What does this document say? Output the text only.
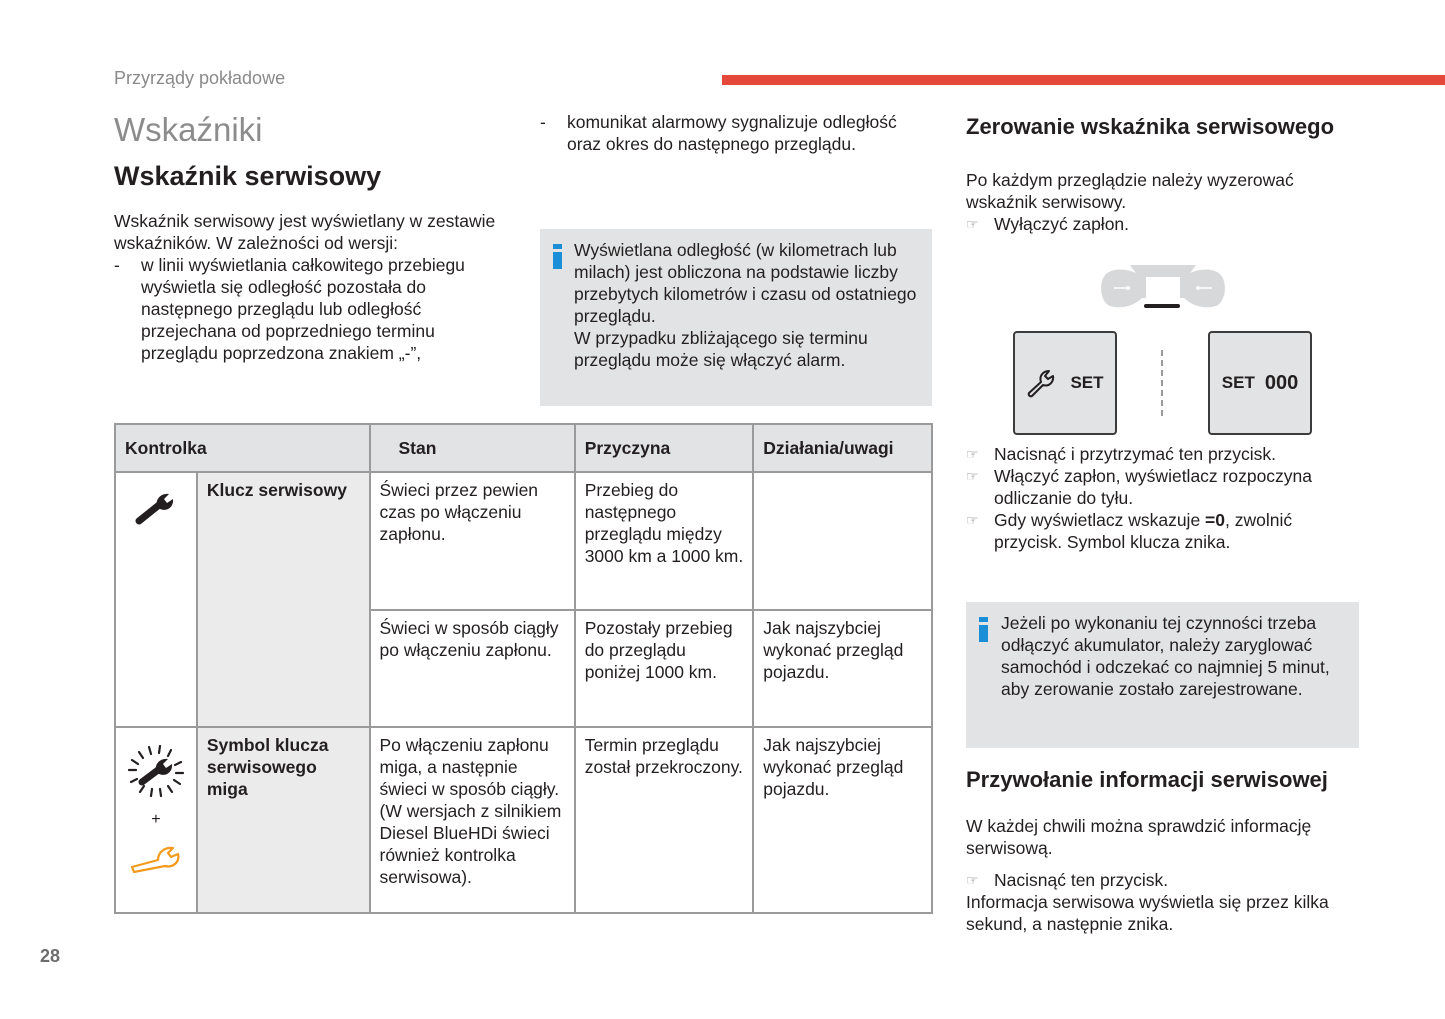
Przyrządy pokładowe
Wskaźniki
Wskaźnik serwisowy

Wskaźnik serwisowy jest wyświetlany w zestawie wskaźników. W zależności od wersji:

-	w linii wyświetlania całkowitego przebiegu wyświetla się odległość pozostała do następnego przeglądu lub odległość przejechana od poprzedniego terminu przeglądu poprzedzona znakiem „-”,
-	komunikat alarmowy sygnalizuje odległość oraz okres do następnego przeglądu.

Wyświetlana odległość (w kilometrach lub milach) jest obliczona na podstawie liczby przebytych kilometrów i czasu od ostatniego przeglądu.

W przypadku zbliżającego się terminu przeglądu może się włączyć alarm.

Kontrolka		Stan	Przyczyna	Działania/uwagi
	Klucz serwisowy	Świeci przez pewien czas po włączeniu zapłonu.	Przebieg do następnego przeglądu między 3000 km a 1000 km.	
		Świeci w sposób ciągły po włączeniu zapłonu.	Pozostały przebieg do przeglądu poniżej 1000 km.	Jak najszybciej wykonać przegląd pojazdu.

+	Symbol klucza serwisowego miga	Po włączeniu zapłonu miga, a następnie świeci w sposób ciągły. (W wersjach z silnikiem Diesel BlueHDi świeci również kontrolka serwisowa).	Termin przeglądu został przekroczony.	Jak najszybciej wykonać przegląd pojazdu.
Zerowanie wskaźnika serwisowego

Po każdym przeglądzie należy wyzerować wskaźnik serwisowy.

☞ Wyłączyć zapłon.
SET	SET 000
☞ Nacisnąć i przytrzymać ten przycisk.
☞ Włączyć zapłon, wyświetlacz rozpoczyna odliczanie do tyłu.
☞ Gdy wyświetlacz wskazuje =0, zwolnić przycisk. Symbol klucza znika.

Jeżeli po wykonaniu tej czynności trzeba odłączyć akumulator, należy zaryglować samochód i odczekać co najmniej 5 minut, aby zerowanie zostało zarejestrowane.

Przywołanie informacji serwisowej

W każdej chwili można sprawdzić informację serwisową.

☞ Nacisnąć ten przycisk.

Informacja serwisowa wyświetla się przez kilka sekund, a następnie znika.

28
